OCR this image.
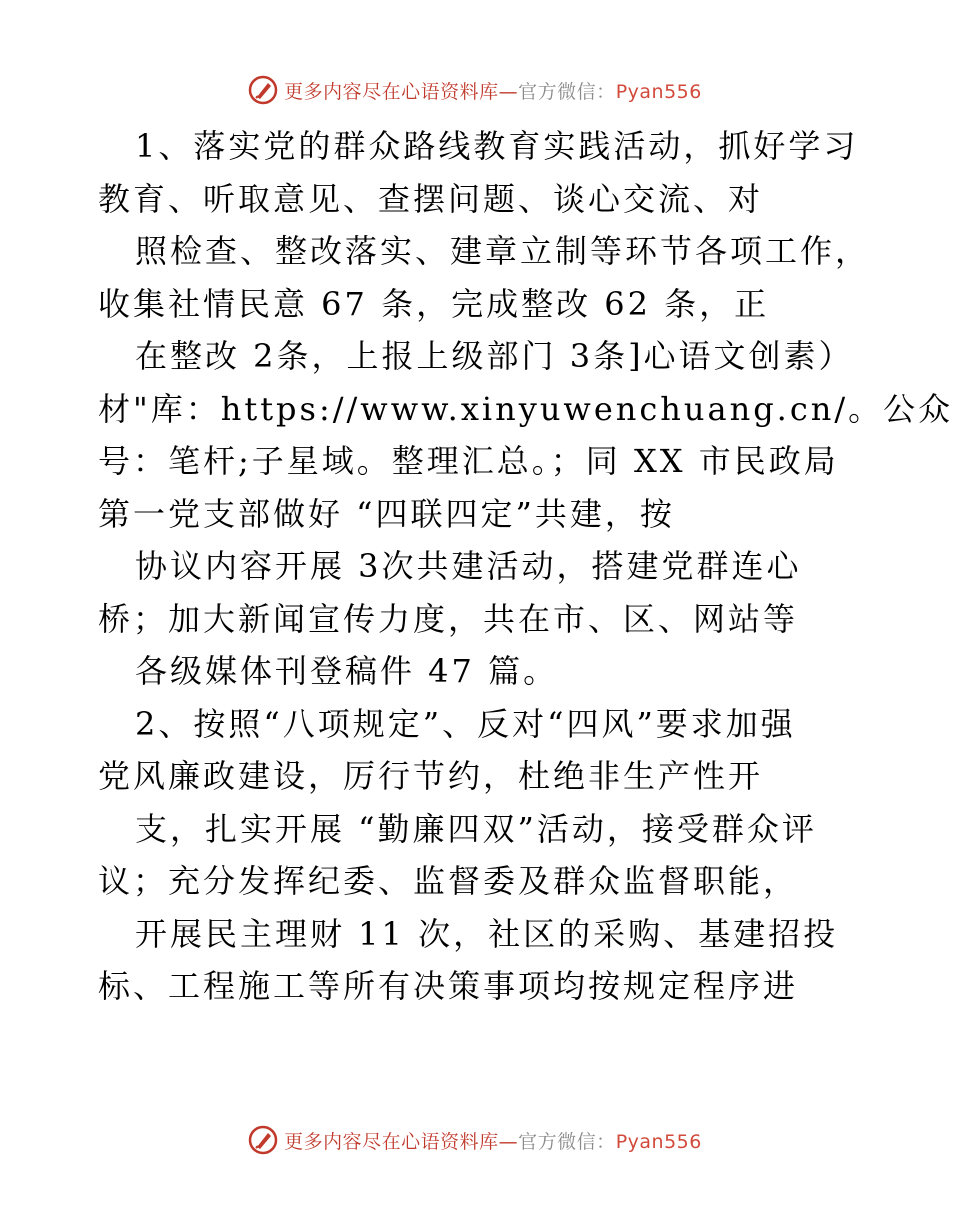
更多内容尽在心语资料库—官方微信：Pyan556
1、落实党的群众路线教育实践活动，抓好学习
教育、听取意见、查摆问题、谈心交流、对
照检查、整改落实、建章立制等环节各项工作，
收集社情民意 67 条，完成整改 62 条，正
在整改 2条，上报上级部门 3条]心语文创素）
材"库：https://www.xinyuwenchuang.cn/。公众
号：笔杆;子星域。整理汇总。；同 XX 市民政局
第一党支部做好 “四联四定”共建，按
协议内容开展 3次共建活动，搭建党群连心
桥；加大新闻宣传力度，共在市、区、网站等
各级媒体刊登稿件 47 篇。
2、按照“八项规定”、反对“四风”要求加强
党风廉政建设，厉行节约，杜绝非生产性开
支，扎实开展 “勤廉四双”活动，接受群众评
议；充分发挥纪委、监督委及群众监督职能，
开展民主理财 11 次，社区的采购、基建招投
标、工程施工等所有决策事项均按规定程序进
更多内容尽在心语资料库—官方微信：Pyan556
